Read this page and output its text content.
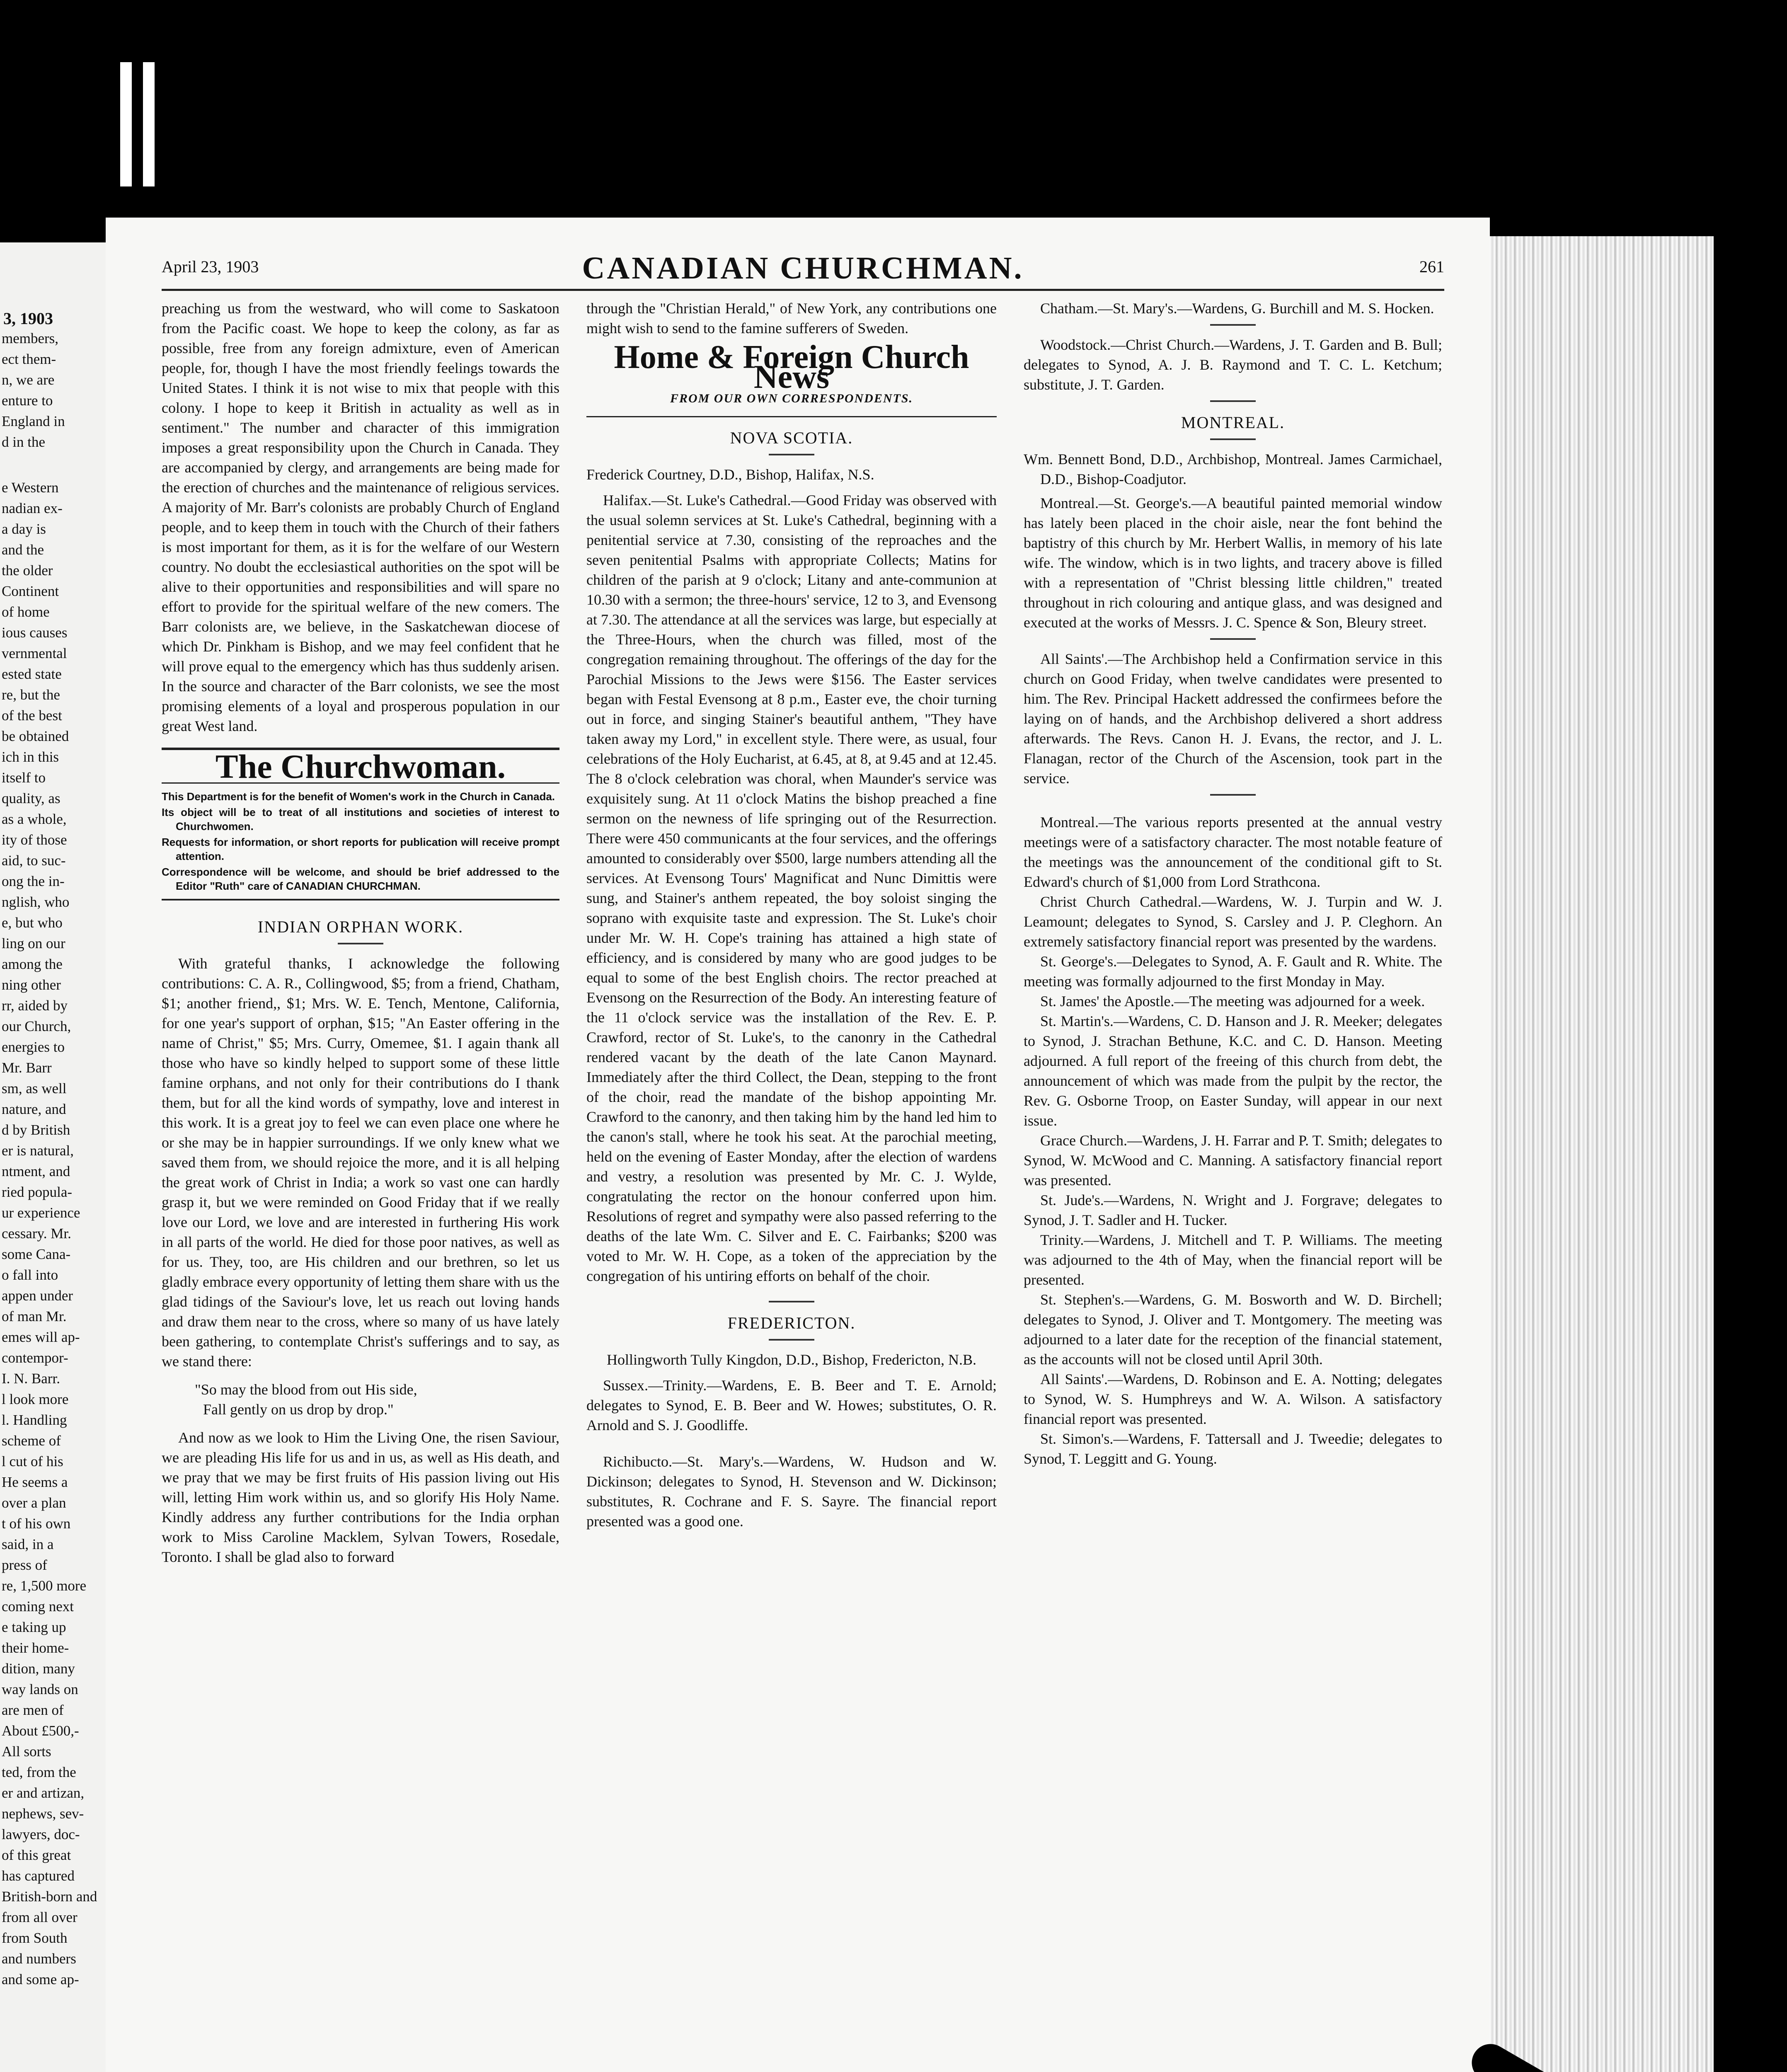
3, 1903
members,
ect them-
n, we are
enture to
England in
d in the
e Western
nadian ex-
a day is
and the
the older
Continent
of home
ious causes
vernmental
ested state
re, but the
of the best
be obtained
ich in this
itself to
quality, as
as a whole,
ity of those
aid, to suc-
ong the in-
nglish, who
e, but who
ling on our
among the
ning other
rr, aided by
our Church,
energies to
Mr. Barr
sm, as well
nature, and
d by British
er is natural,
ntment, and
ried popula-
ur experience
cessary. Mr.
some Cana-
o fall into
appen under
of man Mr.
emes will ap-
contempor-
I. N. Barr.
l look more
l. Handling
scheme of
l cut of his
He seems a
over a plan
t of his own
said, in a
press of
re, 1,500 more
coming next
e taking up
their home-
dition, many
way lands on
are men of
About £500,-
All sorts
ted, from the
er and artizan,
nephews, sev-
lawyers, doc-
of this great
has captured
British-born and
from all over
from South
and numbers
and some ap-
April 23, 1903	CANADIAN CHURCHMAN.	261

preaching us from the westward, who will come to Saskatoon from the Pacific coast. We hope to keep the colony, as far as possible, free from any foreign admixture, even of American people, for, though I have the most friendly feelings towards the United States. I think it is not wise to mix that people with this colony. I hope to keep it British in actuality as well as in sentiment." The number and character of this immigration imposes a great responsibility upon the Church in Canada. They are accompanied by clergy, and arrangements are being made for the erection of churches and the maintenance of religious services. A majority of Mr. Barr's colonists are probably Church of England people, and to keep them in touch with the Church of their fathers is most important for them, as it is for the welfare of our Western country. No doubt the ecclesiastical authorities on the spot will be alive to their opportunities and responsibilities and will spare no effort to provide for the spiritual welfare of the new comers. The Barr colonists are, we believe, in the Saskatchewan diocese of which Dr. Pinkham is Bishop, and we may feel confident that he will prove equal to the emergency which has thus suddenly arisen. In the source and character of the Barr colonists, we see the most promising elements of a loyal and prosperous population in our great West land.

The Churchwoman.

This Department is for the benefit of Women's work in the Church in Canada.

Its object will be to treat of all institutions and societies of interest to Churchwomen.

Requests for information, or short reports for publication will receive prompt attention.

Correspondence will be welcome, and should be brief addressed to the Editor "Ruth" care of CANADIAN CHURCHMAN.

INDIAN ORPHAN WORK.

With grateful thanks, I acknowledge the following contributions: C. A. R., Collingwood, $5; from a friend, Chatham, $1; another friend,, $1; Mrs. W. E. Tench, Mentone, California, for one year's support of orphan, $15; "An Easter offering in the name of Christ," $5; Mrs. Curry, Omemee, $1. I again thank all those who have so kindly helped to support some of these little famine orphans, and not only for their contributions do I thank them, but for all the kind words of sympathy, love and interest in this work. It is a great joy to feel we can even place one where he or she may be in happier surroundings. If we only knew what we saved them from, we should rejoice the more, and it is all helping the great work of Christ in India; a work so vast one can hardly grasp it, but we were reminded on Good Friday that if we really love our Lord, we love and are interested in furthering His work in all parts of the world. He died for those poor natives, as well as for us. They, too, are His children and our brethren, so let us gladly embrace every opportunity of letting them share with us the glad tidings of the Saviour's love, let us reach out loving hands and draw them near to the cross, where so many of us have lately been gathering, to contemplate Christ's sufferings and to say, as we stand there:

"So may the blood from out His side,
Fall gently on us drop by drop."

And now as we look to Him the Living One, the risen Saviour, we are pleading His life for us and in us, as well as His death, and we pray that we may be first fruits of His passion living out His will, letting Him work within us, and so glorify His Holy Name. Kindly address any further contributions for the India orphan work to Miss Caroline Macklem, Sylvan Towers, Rosedale, Toronto. I shall be glad also to forward

through the "Christian Herald," of New York, any contributions one might wish to send to the famine sufferers of Sweden.

Home & Foreign Church News
FROM OUR OWN CORRESPONDENTS.
NOVA SCOTIA.

Frederick Courtney, D.D., Bishop, Halifax, N.S.

Halifax.—St. Luke's Cathedral.—Good Friday was observed with the usual solemn services at St. Luke's Cathedral, beginning with a penitential service at 7.30, consisting of the reproaches and the seven penitential Psalms with appropriate Collects; Matins for children of the parish at 9 o'clock; Litany and ante-communion at 10.30 with a sermon; the three-hours' service, 12 to 3, and Evensong at 7.30. The attendance at all the services was large, but especially at the Three-Hours, when the church was filled, most of the congregation remaining throughout. The offerings of the day for the Parochial Missions to the Jews were $156. The Easter services began with Festal Evensong at 8 p.m., Easter eve, the choir turning out in force, and singing Stainer's beautiful anthem, "They have taken away my Lord," in excellent style. There were, as usual, four celebrations of the Holy Eucharist, at 6.45, at 8, at 9.45 and at 12.45. The 8 o'clock celebration was choral, when Maunder's service was exquisitely sung. At 11 o'clock Matins the bishop preached a fine sermon on the newness of life springing out of the Resurrection. There were 450 communicants at the four services, and the offerings amounted to considerably over $500, large numbers attending all the services. At Evensong Tours' Magnificat and Nunc Dimittis were sung, and Stainer's anthem repeated, the boy soloist singing the soprano with exquisite taste and expression. The St. Luke's choir under Mr. W. H. Cope's training has attained a high state of efficiency, and is considered by many who are good judges to be equal to some of the best English choirs. The rector preached at Evensong on the Resurrection of the Body. An interesting feature of the 11 o'clock service was the installation of the Rev. E. P. Crawford, rector of St. Luke's, to the canonry in the Cathedral rendered vacant by the death of the late Canon Maynard. Immediately after the third Collect, the Dean, stepping to the front of the choir, read the mandate of the bishop appointing Mr. Crawford to the canonry, and then taking him by the hand led him to the canon's stall, where he took his seat. At the parochial meeting, held on the evening of Easter Monday, after the election of wardens and vestry, a resolution was presented by Mr. C. J. Wylde, congratulating the rector on the honour conferred upon him. Resolutions of regret and sympathy were also passed referring to the deaths of the late Wm. C. Silver and E. C. Fairbanks; $200 was voted to Mr. W. H. Cope, as a token of the appreciation by the congregation of his untiring efforts on behalf of the choir.

FREDERICTON.

Hollingworth Tully Kingdon, D.D., Bishop, Fredericton, N.B.

Sussex.—Trinity.—Wardens, E. B. Beer and T. E. Arnold; delegates to Synod, E. B. Beer and W. Howes; substitutes, O. R. Arnold and S. J. Goodliffe.

Richibucto.—St. Mary's.—Wardens, W. Hudson and W. Dickinson; delegates to Synod, H. Stevenson and W. Dickinson; substitutes, R. Cochrane and F. S. Sayre. The financial report presented was a good one.

Chatham.—St. Mary's.—Wardens, G. Burchill and M. S. Hocken.

Woodstock.—Christ Church.—Wardens, J. T. Garden and B. Bull; delegates to Synod, A. J. B. Raymond and T. C. L. Ketchum; substitute, J. T. Garden.

MONTREAL.

Wm. Bennett Bond, D.D., Archbishop, Montreal. James Carmichael, D.D., Bishop-Coadjutor.

Montreal.—St. George's.—A beautiful painted memorial window has lately been placed in the choir aisle, near the font behind the baptistry of this church by Mr. Herbert Wallis, in memory of his late wife. The window, which is in two lights, and tracery above is filled with a representation of "Christ blessing little children," treated throughout in rich colouring and antique glass, and was designed and executed at the works of Messrs. J. C. Spence & Son, Bleury street.

All Saints'.—The Archbishop held a Confirmation service in this church on Good Friday, when twelve candidates were presented to him. The Rev. Principal Hackett addressed the confirmees before the laying on of hands, and the Archbishop delivered a short address afterwards. The Revs. Canon H. J. Evans, the rector, and J. L. Flanagan, rector of the Church of the Ascension, took part in the service.

Montreal.—The various reports presented at the annual vestry meetings were of a satisfactory character. The most notable feature of the meetings was the announcement of the conditional gift to St. Edward's church of $1,000 from Lord Strathcona.

Christ Church Cathedral.—Wardens, W. J. Turpin and W. J. Leamount; delegates to Synod, S. Carsley and J. P. Cleghorn. An extremely satisfactory financial report was presented by the wardens.

St. George's.—Delegates to Synod, A. F. Gault and R. White. The meeting was formally adjourned to the first Monday in May.

St. James' the Apostle.—The meeting was adjourned for a week.

St. Martin's.—Wardens, C. D. Hanson and J. R. Meeker; delegates to Synod, J. Strachan Bethune, K.C. and C. D. Hanson. Meeting adjourned. A full report of the freeing of this church from debt, the announcement of which was made from the pulpit by the rector, the Rev. G. Osborne Troop, on Easter Sunday, will appear in our next issue.

Grace Church.—Wardens, J. H. Farrar and P. T. Smith; delegates to Synod, W. McWood and C. Manning. A satisfactory financial report was presented.

St. Jude's.—Wardens, N. Wright and J. Forgrave; delegates to Synod, J. T. Sadler and H. Tucker.

Trinity.—Wardens, J. Mitchell and T. P. Williams. The meeting was adjourned to the 4th of May, when the financial report will be presented.

St. Stephen's.—Wardens, G. M. Bosworth and W. D. Birchell; delegates to Synod, J. Oliver and T. Montgomery. The meeting was adjourned to a later date for the reception of the financial statement, as the accounts will not be closed until April 30th.

All Saints'.—Wardens, D. Robinson and E. A. Notting; delegates to Synod, W. S. Humphreys and W. A. Wilson. A satisfactory financial report was presented.

St. Simon's.—Wardens, F. Tattersall and J. Tweedie; delegates to Synod, T. Leggitt and G. Young.
